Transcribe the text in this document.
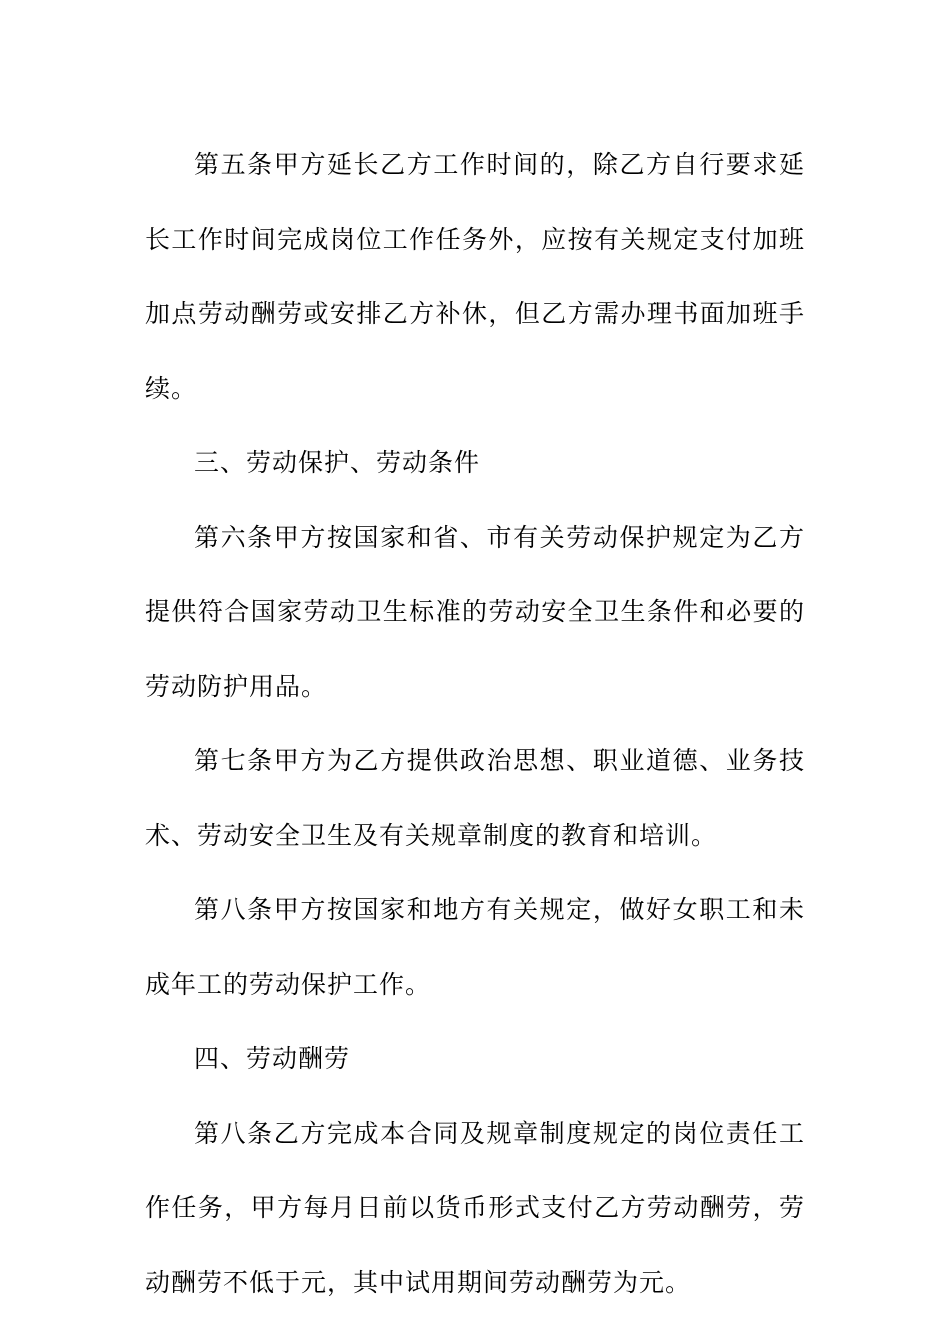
第五条甲方延长乙方工作时间的，除乙方自行要求延长工作时间完成岗位工作任务外，应按有关规定支付加班加点劳动酬劳或安排乙方补休，但乙方需办理书面加班手续。

三、劳动保护、劳动条件

第六条甲方按国家和省、市有关劳动保护规定为乙方提供符合国家劳动卫生标准的劳动安全卫生条件和必要的劳动防护用品。

第七条甲方为乙方提供政治思想、职业道德、业务技术、劳动安全卫生及有关规章制度的教育和培训。

第八条甲方按国家和地方有关规定，做好女职工和未成年工的劳动保护工作。

四、劳动酬劳

第八条乙方完成本合同及规章制度规定的岗位责任工作任务，甲方每月日前以货币形式支付乙方劳动酬劳，劳动酬劳不低于元，其中试用期间劳动酬劳为元。
